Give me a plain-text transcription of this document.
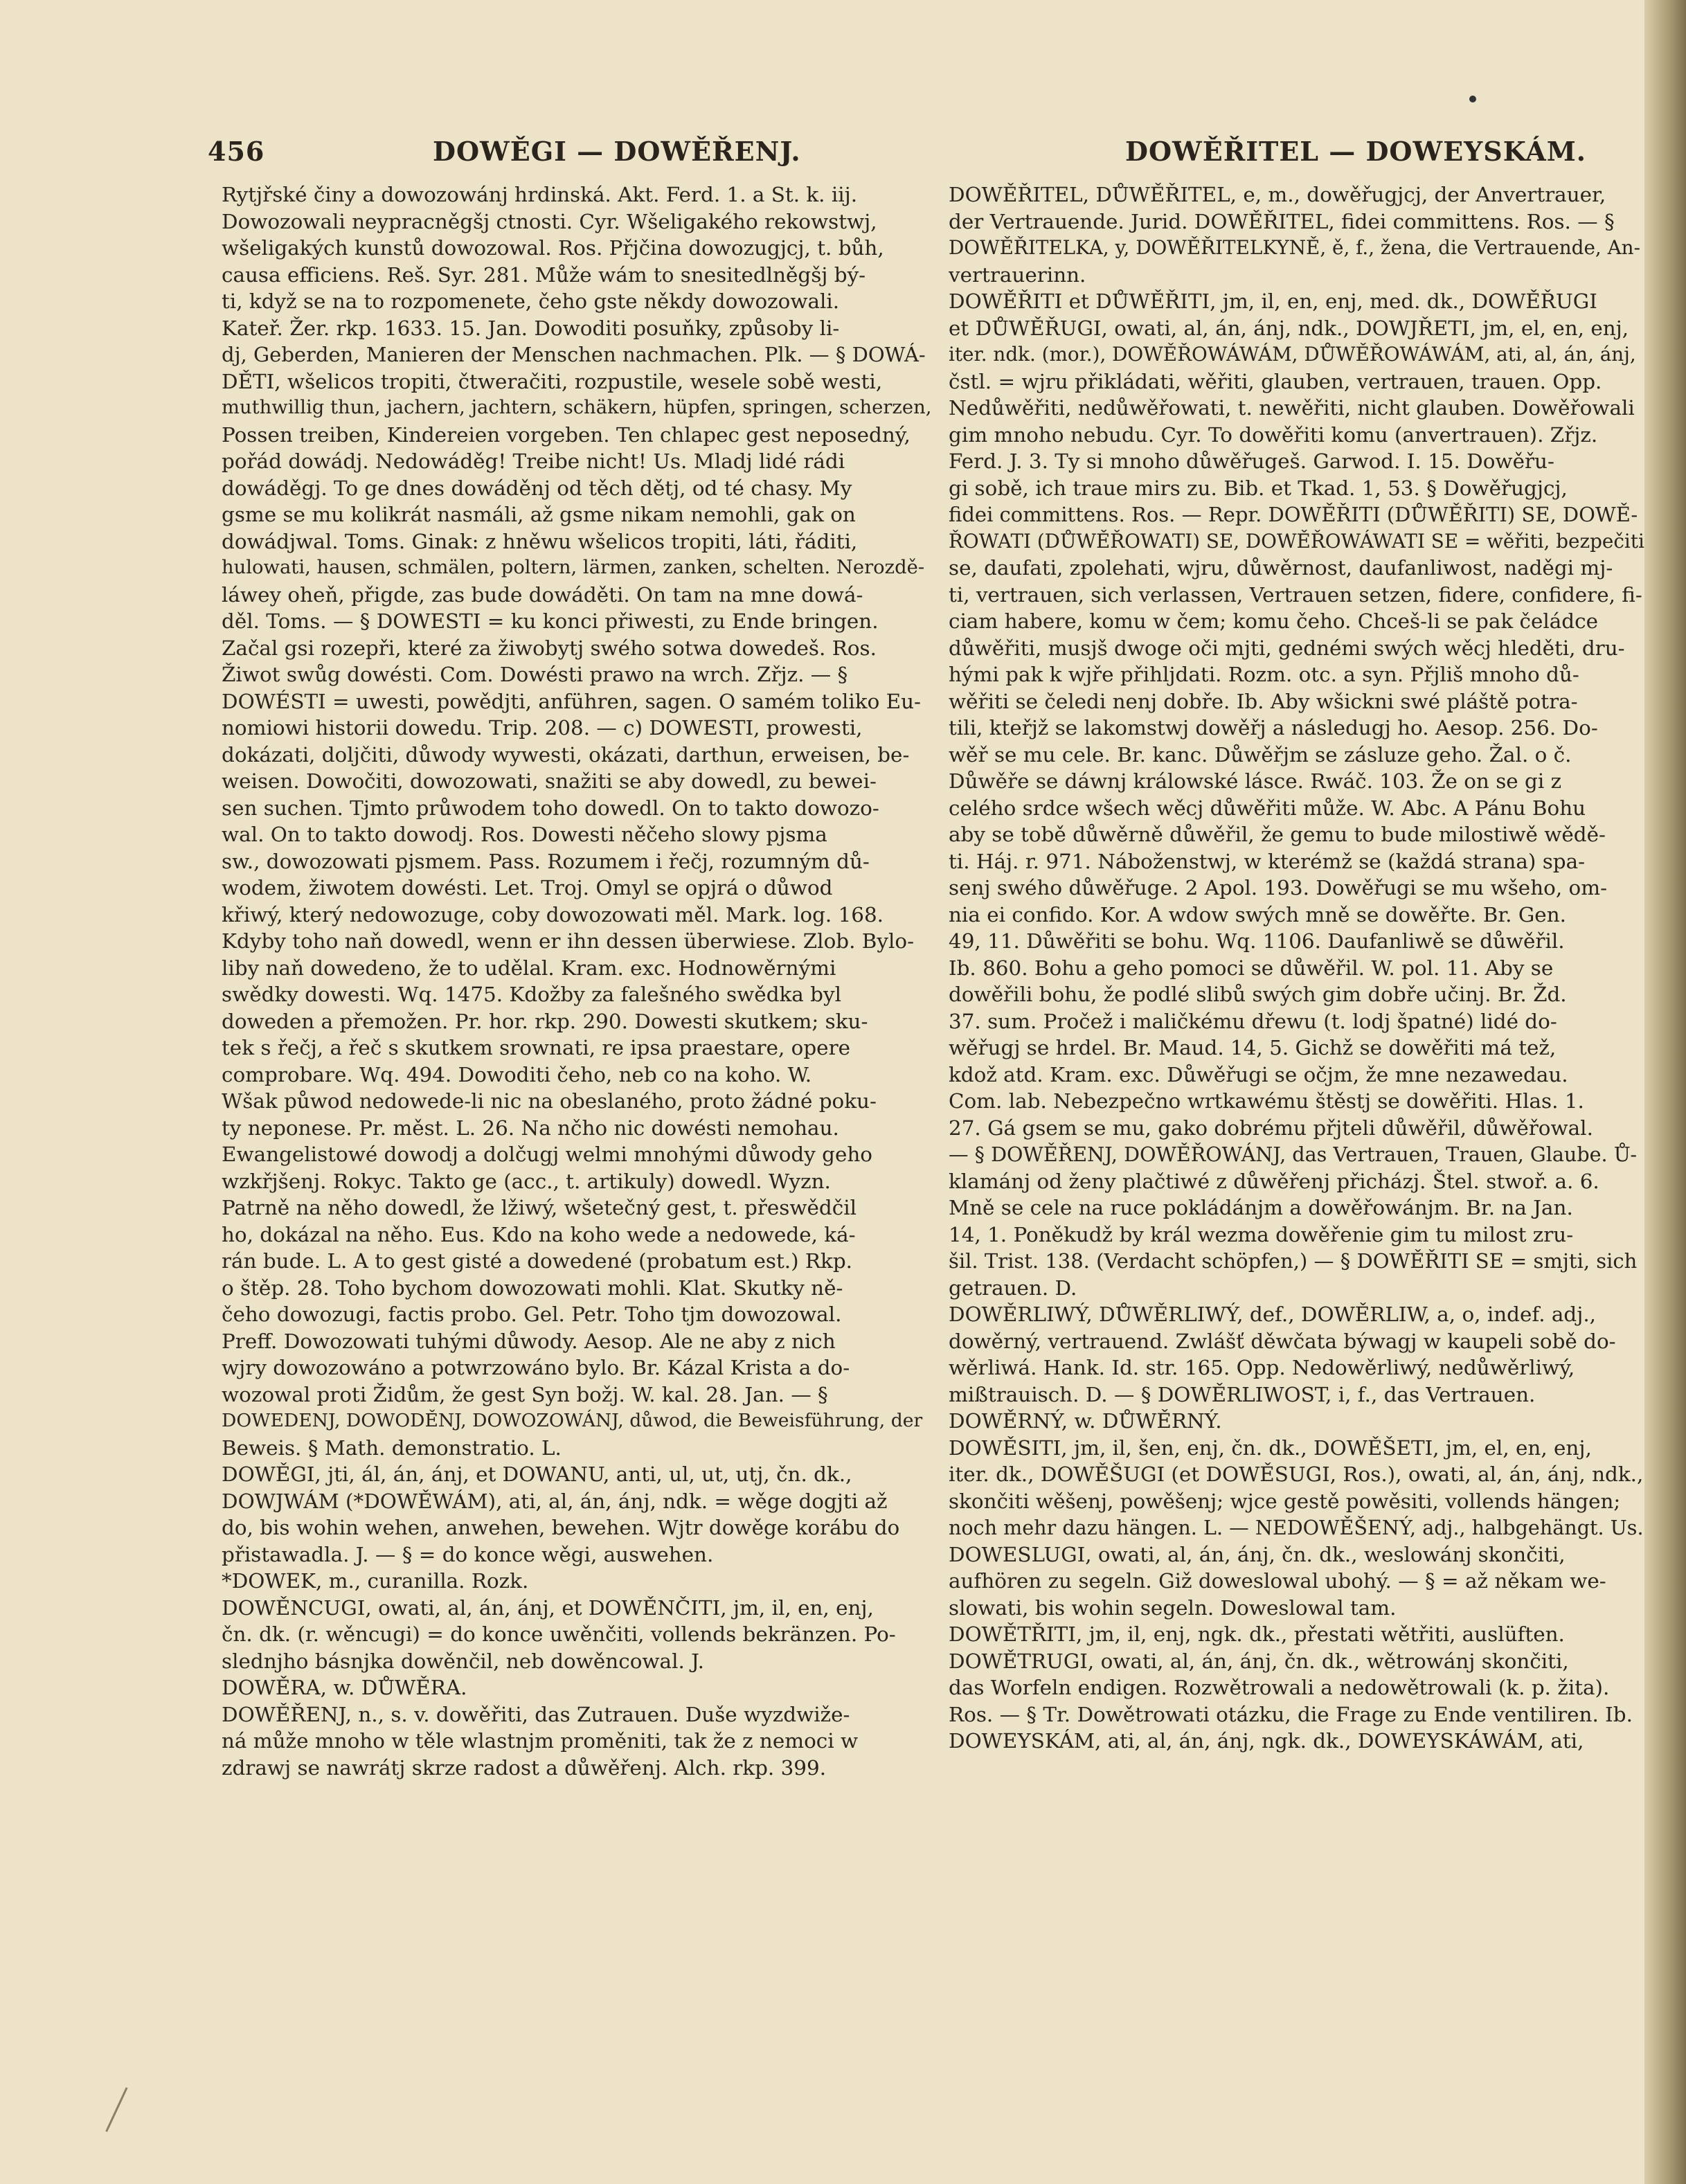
456	DOWĚGI — DOWĚŘENJ.	DOWĚŘITEL — DOWEYSKÁM.
Rytjřské činy a dowozowánj hrdinská. Akt. Ferd. 1. a St. k. iij.
Dowozowali neypracněgšj ctnosti. Cyr. Wšeligakého rekowstwj,
wšeligakých kunstů dowozowal. Ros. Přjčina dowozugjcj, t. bůh,
causa efficiens. Reš. Syr. 281. Může wám to snesitedlněgšj bý-
ti, když se na to rozpomenete, čeho gste někdy dowozowali.
Kateř. Žer. rkp. 1633. 15. Jan. Dowoditi posuňky, způsoby li-
dj, Geberden, Manieren der Menschen nachmachen. Plk. — § DOWÁ-
DĚTI, wšelicos tropiti, čtweračiti, rozpustile, wesele sobě westi,
muthwillig thun, jachern, jachtern, schäkern, hüpfen, springen, scherzen,
Possen treiben, Kindereien vorgeben. Ten chlapec gest neposedný,
pořád dowádj. Nedowáděg! Treibe nicht! Us. Mladj lidé rádi
dowáděgj. To ge dnes dowáděnj od těch dětj, od té chasy. My
gsme se mu kolikrát nasmáli, až gsme nikam nemohli, gak on
dowádjwal. Toms. Ginak: z hněwu wšelicos tropiti, láti, řáditi,
hulowati, hausen, schmälen, poltern, lärmen, zanken, schelten. Nerozdě-
láwey oheň, přigde, zas bude dowáděti. On tam na mne dowá-
děl. Toms. — § DOWESTI = ku konci přiwesti, zu Ende bringen.
Začal gsi rozepři, které za žiwobytj swého sotwa dowedeš. Ros.
Žiwot swůg dowésti. Com. Dowésti prawo na wrch. Zřjz. — §
DOWÉSTI = uwesti, powědjti, anführen, sagen. O samém toliko Eu-
nomiowi historii dowedu. Trip. 208. — c) DOWESTI, prowesti,
dokázati, doljčiti, důwody wywesti, okázati, darthun, erweisen, be-
weisen. Dowočiti, dowozowati, snažiti se aby dowedl, zu bewei-
sen suchen. Tjmto průwodem toho dowedl. On to takto dowozo-
wal. On to takto dowodj. Ros. Dowesti něčeho slowy pjsma
sw., dowozowati pjsmem. Pass. Rozumem i řečj, rozumným dů-
wodem, žiwotem dowésti. Let. Troj. Omyl se opjrá o důwod
křiwý, který nedowozuge, coby dowozowati měl. Mark. log. 168.
Kdyby toho naň dowedl, wenn er ihn dessen überwiese. Zlob. Bylo-
liby naň dowedeno, že to udělal. Kram. exc. Hodnowěrnými
swědky dowesti. Wq. 1475. Kdožby za falešného swědka byl
doweden a přemožen. Pr. hor. rkp. 290. Dowesti skutkem; sku-
tek s řečj, a řeč s skutkem srownati, re ipsa praestare, opere
comprobare. Wq. 494. Dowoditi čeho, neb co na koho. W.
Wšak půwod nedowede-li nic na obeslaného, proto žádné poku-
ty neponese. Pr. měst. L. 26. Na nčho nic dowésti nemohau.
Ewangelistowé dowodj a dolčugj welmi mnohými důwody geho
wzkřjšenj. Rokyc. Takto ge (acc., t. artikuly) dowedl. Wyzn.
Patrně na něho dowedl, že lžiwý, wšetečný gest, t. přeswědčil
ho, dokázal na něho. Eus. Kdo na koho wede a nedowede, ká-
rán bude. L. A to gest gisté a dowedené (probatum est.) Rkp.
o štěp. 28. Toho bychom dowozowati mohli. Klat. Skutky ně-
čeho dowozugi, factis probo. Gel. Petr. Toho tjm dowozowal.
Preff. Dowozowati tuhými důwody. Aesop. Ale ne aby z nich
wjry dowozowáno a potwrzowáno bylo. Br. Kázal Krista a do-
wozowal proti Židům, že gest Syn božj. W. kal. 28. Jan. — §
DOWEDENJ, DOWODĚNJ, DOWOZOWÁNJ, důwod, die Beweisführung, der
Beweis. § Math. demonstratio. L.
DOWĚGI, jti, ál, án, ánj, et DOWANU, anti, ul, ut, utj, čn. dk.,
DOWJWÁM (*DOWĚWÁM), ati, al, án, ánj, ndk. = wěge dogjti až
do, bis wohin wehen, anwehen, bewehen. Wjtr dowěge korábu do
přistawadla. J. — § = do konce wěgi, auswehen.
*DOWEK, m., curanilla. Rozk.
DOWĚNCUGI, owati, al, án, ánj, et DOWĚNČITI, jm, il, en, enj,
čn. dk. (r. wěncugi) = do konce uwěnčiti, vollends bekränzen. Po-
slednjho básnjka dowěnčil, neb dowěncowal. J.
DOWĚRA, w. DŮWĚRA.
DOWĚŘENJ, n., s. v. dowěřiti, das Zutrauen. Duše wyzdwiže-
ná může mnoho w těle wlastnjm proměniti, tak že z nemoci w
zdrawj se nawrátj skrze radost a důwěřenj. Alch. rkp. 399.
DOWĚŘITEL, DŮWĚŘITEL, e, m., dowěřugjcj, der Anvertrauer,
der Vertrauende. Jurid. DOWĚŘITEL, fidei committens. Ros. — §
DOWĚŘITELKA, y, DOWĚŘITELKYNĚ, ě, f., žena, die Vertrauende, An-
vertrauerinn.
DOWĚŘITI et DŮWĚŘITI, jm, il, en, enj, med. dk., DOWĚŘUGI
et DŮWĚŘUGI, owati, al, án, ánj, ndk., DOWJŘETI, jm, el, en, enj,
iter. ndk. (mor.), DOWĚŘOWÁWÁM, DŮWĚŘOWÁWÁM, ati, al, án, ánj,
čstl. = wjru přikládati, wěřiti, glauben, vertrauen, trauen. Opp.
Nedůwěřiti, nedůwěřowati, t. newěřiti, nicht glauben. Dowěřowali
gim mnoho nebudu. Cyr. To dowěřiti komu (anvertrauen). Zřjz.
Ferd. J. 3. Ty si mnoho důwěřugeš. Garwod. I. 15. Dowěřu-
gi sobě, ich traue mirs zu. Bib. et Tkad. 1, 53. § Dowěřugjcj,
fidei committens. Ros. — Repr. DOWĚŘITI (DŮWĚŘITI) SE, DOWĚ-
ŘOWATI (DŮWĚŘOWATI) SE, DOWĚŘOWÁWATI SE = wěřiti, bezpečiti
se, daufati, zpolehati, wjru, důwěrnost, daufanliwost, naděgi mj-
ti, vertrauen, sich verlassen, Vertrauen setzen, fidere, confidere, fi-
ciam habere, komu w čem; komu čeho. Chceš-li se pak čeládce
důwěřiti, musjš dwoge oči mjti, gednémi swých wěcj hleděti, dru-
hými pak k wjře přihljdati. Rozm. otc. a syn. Přjliš mnoho dů-
wěřiti se čeledi nenj dobře. Ib. Aby wšickni swé pláště potra-
tili, kteřjž se lakomstwj dowěřj a následugj ho. Aesop. 256. Do-
wěř se mu cele. Br. kanc. Důwěřjm se zásluze geho. Žal. o č.
Důwěře se dáwnj králowské lásce. Rwáč. 103. Že on se gi z
celého srdce wšech wěcj důwěřiti může. W. Abc. A Pánu Bohu
aby se tobě důwěrně důwěřil, že gemu to bude milostiwě wědě-
ti. Háj. r. 971. Náboženstwj, w kterémž se (každá strana) spa-
senj swého důwěřuge. 2 Apol. 193. Dowěřugi se mu wšeho, om-
nia ei confido. Kor. A wdow swých mně se dowěřte. Br. Gen.
49, 11. Důwěřiti se bohu. Wq. 1106. Daufanliwě se důwěřil.
Ib. 860. Bohu a geho pomoci se důwěřil. W. pol. 11. Aby se
dowěřili bohu, že podlé slibů swých gim dobře učinj. Br. Žd.
37. sum. Pročež i maličkému dřewu (t. lodj špatné) lidé do-
wěřugj se hrdel. Br. Maud. 14, 5. Gichž se dowěřiti má tež,
kdož atd. Kram. exc. Důwěřugi se očjm, že mne nezawedau.
Com. lab. Nebezpečno wrtkawému štěstj se dowěřiti. Hlas. 1.
27. Gá gsem se mu, gako dobrému přjteli důwěřil, důwěřowal.
— § DOWĚŘENJ, DOWĚŘOWÁNJ, das Vertrauen, Trauen, Glaube. Ů-
klamánj od ženy plačtiwé z důwěřenj přicházj. Štel. stwoř. a. 6.
Mně se cele na ruce pokládánjm a dowěřowánjm. Br. na Jan.
14, 1. Poněkudž by král wezma dowěřenie gim tu milost zru-
šil. Trist. 138. (Verdacht schöpfen,) — § DOWĚŘITI SE = smjti, sich
getrauen. D.
DOWĚRLIWÝ, DŮWĚRLIWÝ, def., DOWĚRLIW, a, o, indef. adj.,
dowěrný, vertrauend. Zwlášť děwčata býwagj w kaupeli sobě do-
wěrliwá. Hank. Id. str. 165. Opp. Nedowěrliwý, nedůwěrliwý,
mißtrauisch. D. — § DOWĚRLIWOST, i, f., das Vertrauen.
DOWĚRNÝ, w. DŮWĚRNÝ.
DOWĚSITI, jm, il, šen, enj, čn. dk., DOWĚŠETI, jm, el, en, enj,
iter. dk., DOWĚŠUGI (et DOWĚSUGI, Ros.), owati, al, án, ánj, ndk.,
skončiti wěšenj, powěšenj; wjce gestě powěsiti, vollends hängen;
noch mehr dazu hängen. L. — NEDOWĚŠENÝ, adj., halbgehängt. Us.
DOWESLUGI, owati, al, án, ánj, čn. dk., weslowánj skončiti,
aufhören zu segeln. Giž doweslowal ubohý. — § = až někam we-
slowati, bis wohin segeln. Doweslowal tam.
DOWĚTŘITI, jm, il, enj, ngk. dk., přestati wětřiti, auslüften.
DOWĚTRUGI, owati, al, án, ánj, čn. dk., wětrowánj skončiti,
das Worfeln endigen. Rozwětrowali a nedowětrowali (k. p. žita).
Ros. — § Tr. Dowětrowati otázku, die Frage zu Ende ventiliren. Ib.
DOWEYSKÁM, ati, al, án, ánj, ngk. dk., DOWEYSKÁWÁM, ati,
